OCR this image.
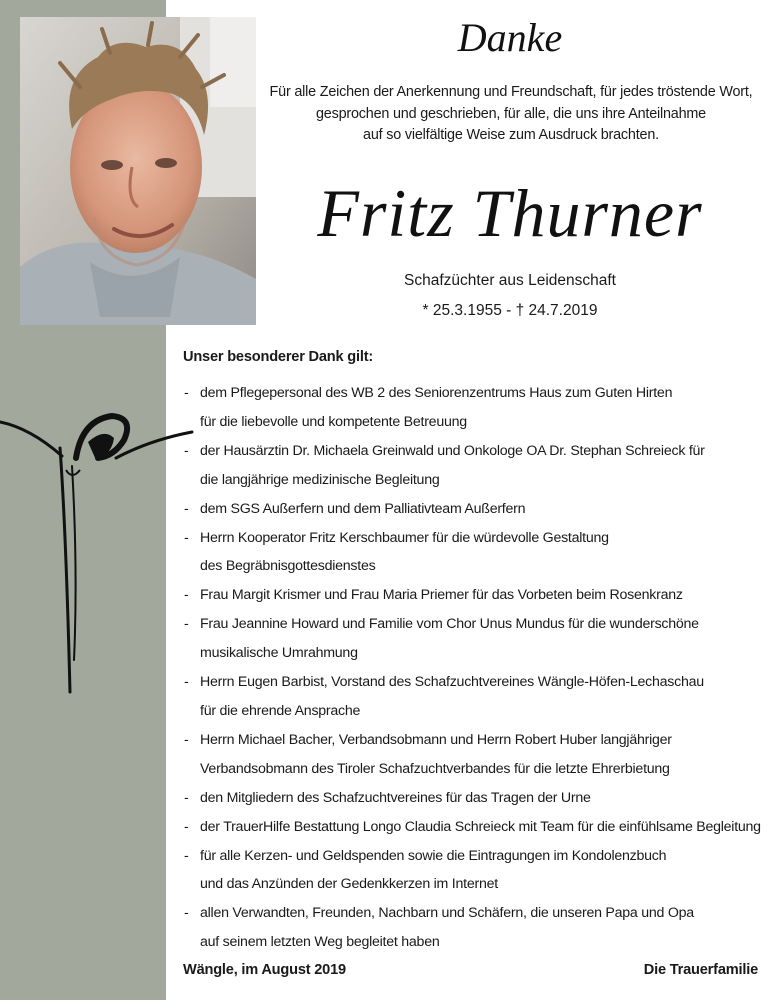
Danke
Für alle Zeichen der Anerkennung und Freundschaft, für jedes tröstende Wort,
gesprochen und geschrieben, für alle, die uns ihre Anteilnahme
auf so vielfältige Weise zum Ausdruck brachten.
Fritz Thurner
Schafzüchter aus Leidenschaft
* 25.3.1955 - † 24.7.2019
Unser besonderer Dank gilt:
- dem Pflegepersonal des WB 2 des Seniorenzentrums Haus zum Guten Hirten
für die liebevolle und kompetente Betreuung
- der Hausärztin Dr. Michaela Greinwald und Onkologe OA Dr. Stephan Schreieck für
die langjährige medizinische Begleitung
- dem SGS Außerfern und dem Palliativteam Außerfern
- Herrn Kooperator Fritz Kerschbaumer für die würdevolle Gestaltung
des Begräbnisgottesdienstes
- Frau Margit Krismer und Frau Maria Priemer für das Vorbeten beim Rosenkranz
- Frau Jeannine Howard und Familie vom Chor Unus Mundus für die wunderschöne
musikalische Umrahmung
- Herrn Eugen Barbist, Vorstand des Schafzuchtvereines Wängle-Höfen-Lechaschau
für die ehrende Ansprache
- Herrn Michael Bacher, Verbandsobmann und Herrn Robert Huber langjähriger
Verbandsobmann des Tiroler Schafzuchtverbandes für die letzte Ehrerbietung
- den Mitgliedern des Schafzuchtvereines für das Tragen der Urne
- der TrauerHilfe Bestattung Longo Claudia Schreieck mit Team für die einfühlsame Begleitung
- für alle Kerzen- und Geldspenden sowie die Eintragungen im Kondolenzbuch
und das Anzünden der Gedenkkerzen im Internet
- allen Verwandten, Freunden, Nachbarn und Schäfern, die unseren Papa und Opa
auf seinem letzten Weg begleitet haben
Wängle, im August 2019	Die Trauerfamilie
